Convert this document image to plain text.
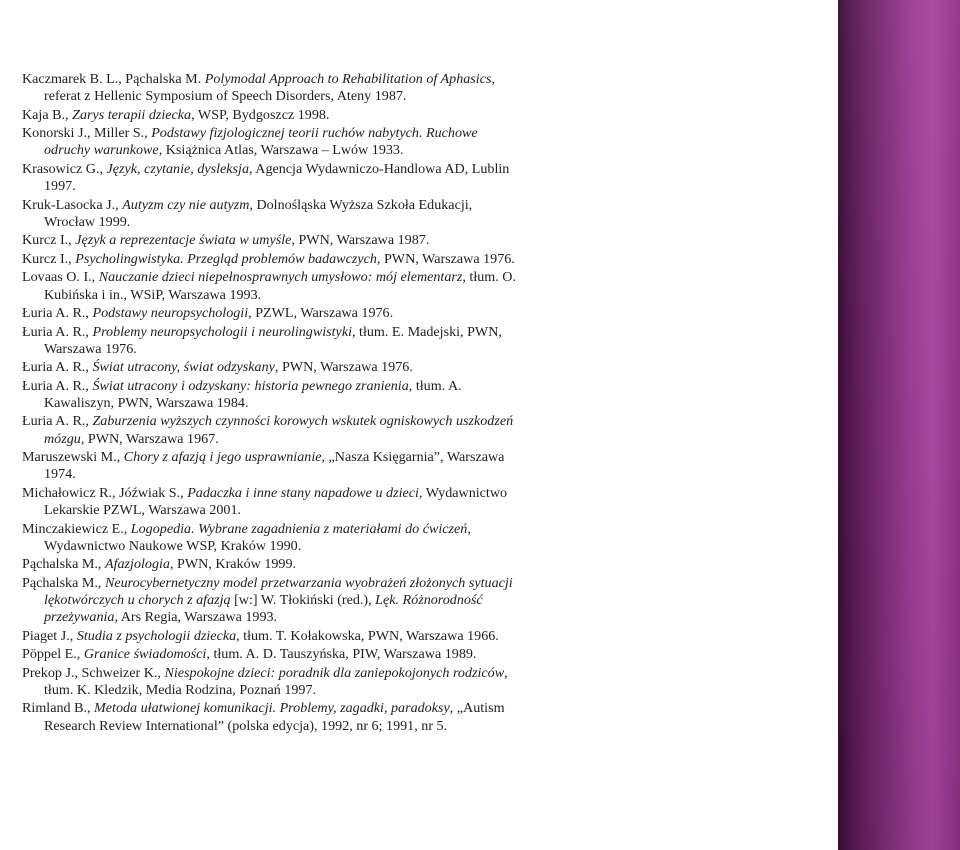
Kaczmarek B. L., Pąchalska M. Polymodal Approach to Rehabilitation of Aphasics, referat z Hellenic Symposium of Speech Disorders, Ateny 1987.

Kaja B., Zarys terapii dziecka, WSP, Bydgoszcz 1998.

Konorski J., Miller S., Podstawy fizjologicznej teorii ruchów nabytych. Ruchowe odruchy warunkowe, Książnica Atlas, Warszawa – Lwów 1933.

Krasowicz G., Język, czytanie, dysleksja, Agencja Wydawniczo-Handlowa AD, Lublin 1997.

Kruk-Lasocka J., Autyzm czy nie autyzm, Dolnośląska Wyższa Szkoła Edukacji, Wrocław 1999.

Kurcz I., Język a reprezentacje świata w umyśle, PWN, Warszawa 1987.

Kurcz I., Psycholingwistyka. Przegląd problemów badawczych, PWN, Warszawa 1976.

Lovaas O. I., Nauczanie dzieci niepełnosprawnych umysłowo: mój elementarz, tłum. O. Kubińska i in., WSiP, Warszawa 1993.

Łuria A. R., Podstawy neuropsychologii, PZWL, Warszawa 1976.

Łuria A. R., Problemy neuropsychologii i neurolingwistyki, tłum. E. Madejski, PWN, Warszawa 1976.

Łuria A. R., Świat utracony, świat odzyskany, PWN, Warszawa 1976.

Łuria A. R., Świat utracony i odzyskany: historia pewnego zranienia, tłum. A. Kawaliszyn, PWN, Warszawa 1984.

Łuria A. R., Zaburzenia wyższych czynności korowych wskutek ogniskowych uszkodzeń mózgu, PWN, Warszawa 1967.

Maruszewski M., Chory z afazją i jego usprawnianie, „Nasza Księgarnia”, Warszawa 1974.

Michałowicz R., Jóźwiak S., Padaczka i inne stany napadowe u dzieci, Wydawnictwo Lekarskie PZWL, Warszawa 2001.

Minczakiewicz E., Logopedia. Wybrane zagadnienia z materiałami do ćwiczeń, Wydawnictwo Naukowe WSP, Kraków 1990.

Pąchalska M., Afazjologia, PWN, Kraków 1999.

Pąchalska M., Neurocybernetyczny model przetwarzania wyobrażeń złożonych sytuacji lękotwórczych u chorych z afazją [w:] W. Tłokiński (red.), Lęk. Różnorodność przeżywania, Ars Regia, Warszawa 1993.

Piaget J., Studia z psychologii dziecka, tłum. T. Kołakowska, PWN, Warszawa 1966.

Pöppel E., Granice świadomości, tłum. A. D. Tauszyńska, PIW, Warszawa 1989.

Prekop J., Schweizer K., Niespokojne dzieci: poradnik dla zaniepokojonych rodziców, tłum. K. Kledzik, Media Rodzina, Poznań 1997.

Rimland B., Metoda ułatwionej komunikacji. Problemy, zagadki, paradoksy, „Autism Research Review International” (polska edycja), 1992, nr 6; 1991, nr 5.
